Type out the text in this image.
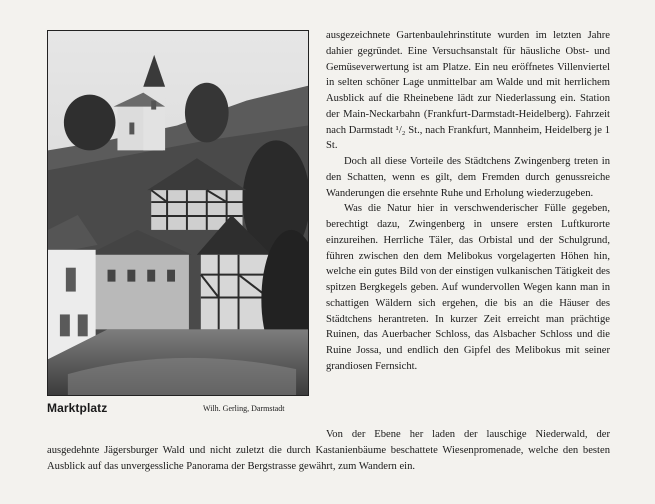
Marktplatz	Wilh. Gerling, Darmstadt

ausgezeichnete Gartenbaulehrinstitute wurden im letzten Jahre dahier gegründet. Eine Versuchsanstalt für häusliche Obst- und Gemüseverwertung ist am Platze. Ein neu eröffnetes Villenviertel in selten schöner Lage unmittelbar am Walde und mit herrlichem Ausblick auf die Rheinebene lädt zur Niederlassung ein. Station der Main-Neckarbahn (Frankfurt-Darmstadt-Heidelberg). Fahrzeit nach Darmstadt ¹/₂ St., nach Frankfurt, Mannheim, Heidelberg je 1 St.

Doch all diese Vorteile des Städtchens Zwingenberg treten in den Schatten, wenn es gilt, dem Fremden durch genussreiche Wanderungen die ersehnte Ruhe und Erholung wiederzugeben.

Was die Natur hier in verschwenderischer Fülle gegeben, berechtigt dazu, Zwingenberg in unsere ersten Luftkurorte einzureihen. Herrliche Täler, das Orbistal und der Schulgrund, führen zwischen den dem Melibokus vorgelagerten Höhen hin, welche ein gutes Bild von der einstigen vulkanischen Tätigkeit des spitzen Bergkegels geben. Auf wundervollen Wegen kann man in schattigen Wäldern sich ergehen, die bis an die Häuser des Städtchens herantreten. In kurzer Zeit erreicht man prächtige Ruinen, das Auerbacher Schloss, das Alsbacher Schloss und die Ruine Jossa, und endlich den Gipfel des Melibokus mit seiner grandiosen Fernsicht.

Von der Ebene her laden der lauschige Niederwald, der ausgedehnte Jägersburger Wald und nicht zuletzt die durch Kastanienbäume beschattete Wiesenpromenade, welche den besten Ausblick auf das unvergessliche Panorama der Bergstrasse gewährt, zum Wandern ein.
